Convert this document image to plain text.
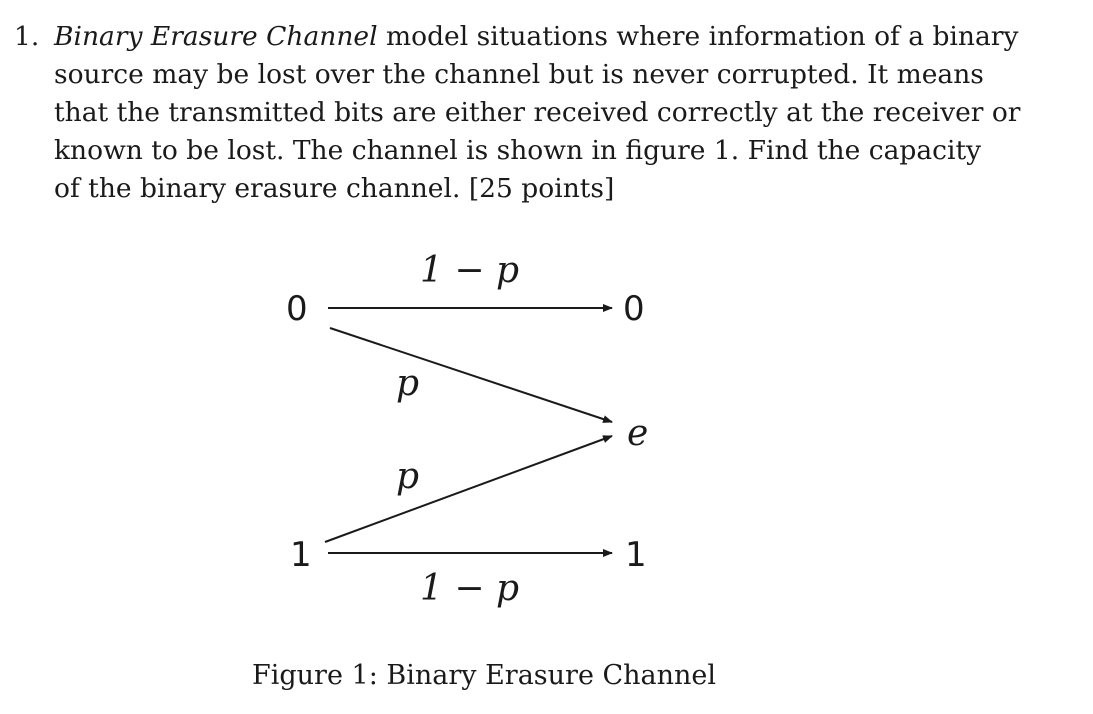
1. Binary Erasure Channel model situations where information of a binary
source may be lost over the channel but is never corrupted. It means
that the transmitted bits are either received correctly at the receiver or
known to be lost. The channel is shown in figure 1. Find the capacity
of the binary erasure channel. [25 points]
0
1
0
e
1
1 − p
p
p
1 − p
Figure 1: Binary Erasure Channel
